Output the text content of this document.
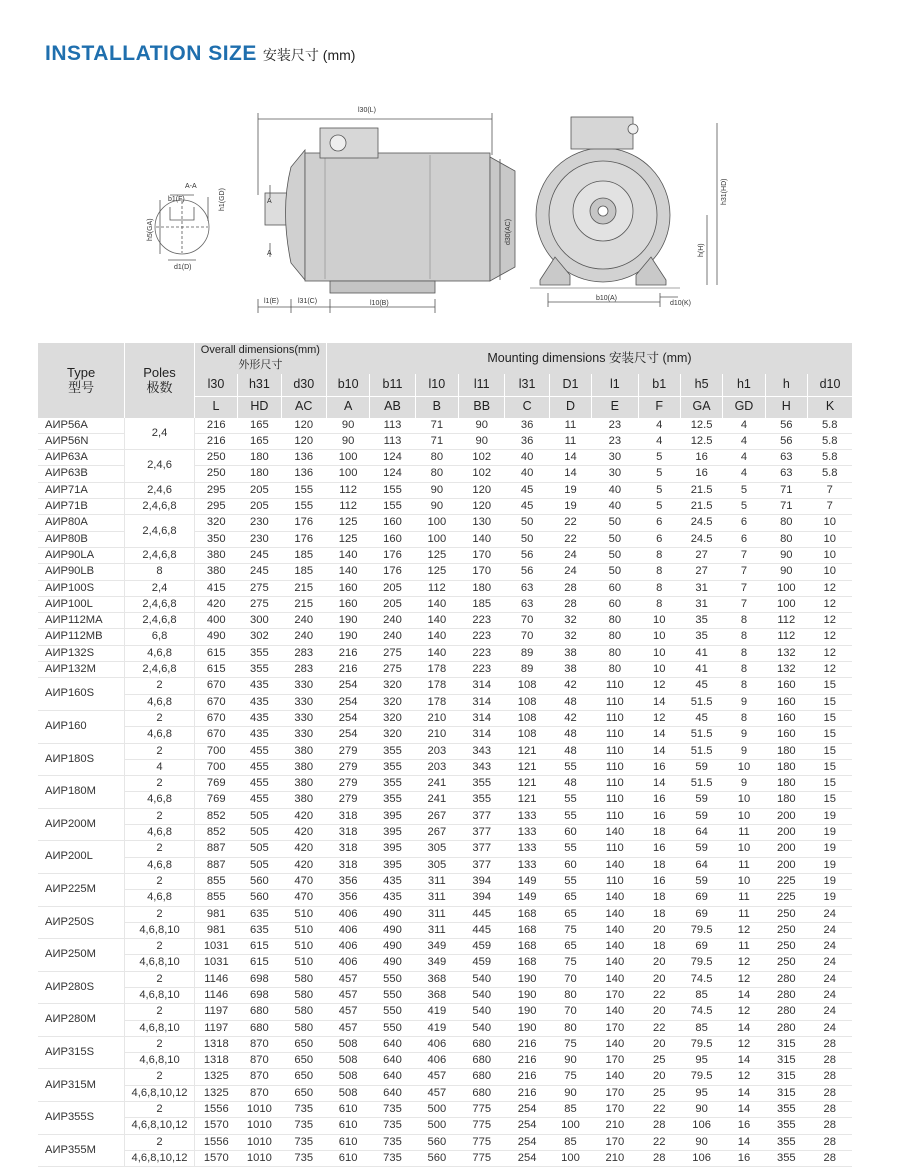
INSTALLATION SIZE 安装尺寸 (mm)
A-A
b1(F)	h1(GD)
h5(GA)
d1(D)
l30(L)
A
A
d30(AC)
l1(E)	l31(C)	l10(B)
h31(HD)
h(H)
b10(A)
d10(K)
Type
型号	Poles
极数	Overall dimensions(mm)
外形尺寸			Mounting dimensions 安装尺寸 (mm)											
		l30	h31	d30	b10	b11	l10	l11	l31	D1	l1	b1	h5	h1	h	d10
		L	HD	AC	A	AB	B	BB	C	D	E	F	GA	GD	H	K
AИP56A	2,4	216	165	120	90	113	71	90	36	11	23	4	12.5	4	56	5.8
AИP56N		216	165	120	90	113	71	90	36	11	23	4	12.5	4	56	5.8
AИP63A	2,4,6	250	180	136	100	124	80	102	40	14	30	5	16	4	63	5.8
AИP63B		250	180	136	100	124	80	102	40	14	30	5	16	4	63	5.8
AИP71A	2,4,6	295	205	155	112	155	90	120	45	19	40	5	21.5	5	71	7
AИP71B	2,4,6,8	295	205	155	112	155	90	120	45	19	40	5	21.5	5	71	7
AИP80A	2,4,6,8	320	230	176	125	160	100	130	50	22	50	6	24.5	6	80	10
AИP80B		350	230	176	125	160	100	140	50	22	50	6	24.5	6	80	10
AИP90LA	2,4,6,8	380	245	185	140	176	125	170	56	24	50	8	27	7	90	10
AИP90LB	8	380	245	185	140	176	125	170	56	24	50	8	27	7	90	10
AИP100S	2,4	415	275	215	160	205	112	180	63	28	60	8	31	7	100	12
AИP100L	2,4,6,8	420	275	215	160	205	140	185	63	28	60	8	31	7	100	12
AИP112MA	2,4,6,8	400	300	240	190	240	140	223	70	32	80	10	35	8	112	12
AИP112MB	6,8	490	302	240	190	240	140	223	70	32	80	10	35	8	112	12
AИP132S	4,6,8	615	355	283	216	275	140	223	89	38	80	10	41	8	132	12
AИP132M	2,4,6,8	615	355	283	216	275	178	223	89	38	80	10	41	8	132	12
AИP160S	2	670	435	330	254	320	178	314	108	42	110	12	45	8	160	15
	4,6,8	670	435	330	254	320	178	314	108	48	110	14	51.5	9	160	15
AИP160	2	670	435	330	254	320	210	314	108	42	110	12	45	8	160	15
	4,6,8	670	435	330	254	320	210	314	108	48	110	14	51.5	9	160	15
AИP180S	2	700	455	380	279	355	203	343	121	48	110	14	51.5	9	180	15
	4	700	455	380	279	355	203	343	121	55	110	16	59	10	180	15
AИP180M	2	769	455	380	279	355	241	355	121	48	110	14	51.5	9	180	15
	4,6,8	769	455	380	279	355	241	355	121	55	110	16	59	10	180	15
AИP200M	2	852	505	420	318	395	267	377	133	55	110	16	59	10	200	19
	4,6,8	852	505	420	318	395	267	377	133	60	140	18	64	11	200	19
AИP200L	2	887	505	420	318	395	305	377	133	55	110	16	59	10	200	19
	4,6,8	887	505	420	318	395	305	377	133	60	140	18	64	11	200	19
AИP225M	2	855	560	470	356	435	311	394	149	55	110	16	59	10	225	19
	4,6,8	855	560	470	356	435	311	394	149	65	140	18	69	11	225	19
AИP250S	2	981	635	510	406	490	311	445	168	65	140	18	69	11	250	24
	4,6,8,10	981	635	510	406	490	311	445	168	75	140	20	79.5	12	250	24
AИP250M	2	1031	615	510	406	490	349	459	168	65	140	18	69	11	250	24
	4,6,8,10	1031	615	510	406	490	349	459	168	75	140	20	79.5	12	250	24
AИP280S	2	1146	698	580	457	550	368	540	190	70	140	20	74.5	12	280	24
	4,6,8,10	1146	698	580	457	550	368	540	190	80	170	22	85	14	280	24
AИP280M	2	1197	680	580	457	550	419	540	190	70	140	20	74.5	12	280	24
	4,6,8,10	1197	680	580	457	550	419	540	190	80	170	22	85	14	280	24
AИP315S	2	1318	870	650	508	640	406	680	216	75	140	20	79.5	12	315	28
	4,6,8,10	1318	870	650	508	640	406	680	216	90	170	25	95	14	315	28
AИP315M	2	1325	870	650	508	640	457	680	216	75	140	20	79.5	12	315	28
	4,6,8,10,12	1325	870	650	508	640	457	680	216	90	170	25	95	14	315	28
AИP355S	2	1556	1010	735	610	735	500	775	254	85	170	22	90	14	355	28
	4,6,8,10,12	1570	1010	735	610	735	500	775	254	100	210	28	106	16	355	28
AИP355M	2	1556	1010	735	610	735	560	775	254	85	170	22	90	14	355	28
	4,6,8,10,12	1570	1010	735	610	735	560	775	254	100	210	28	106	16	355	28
